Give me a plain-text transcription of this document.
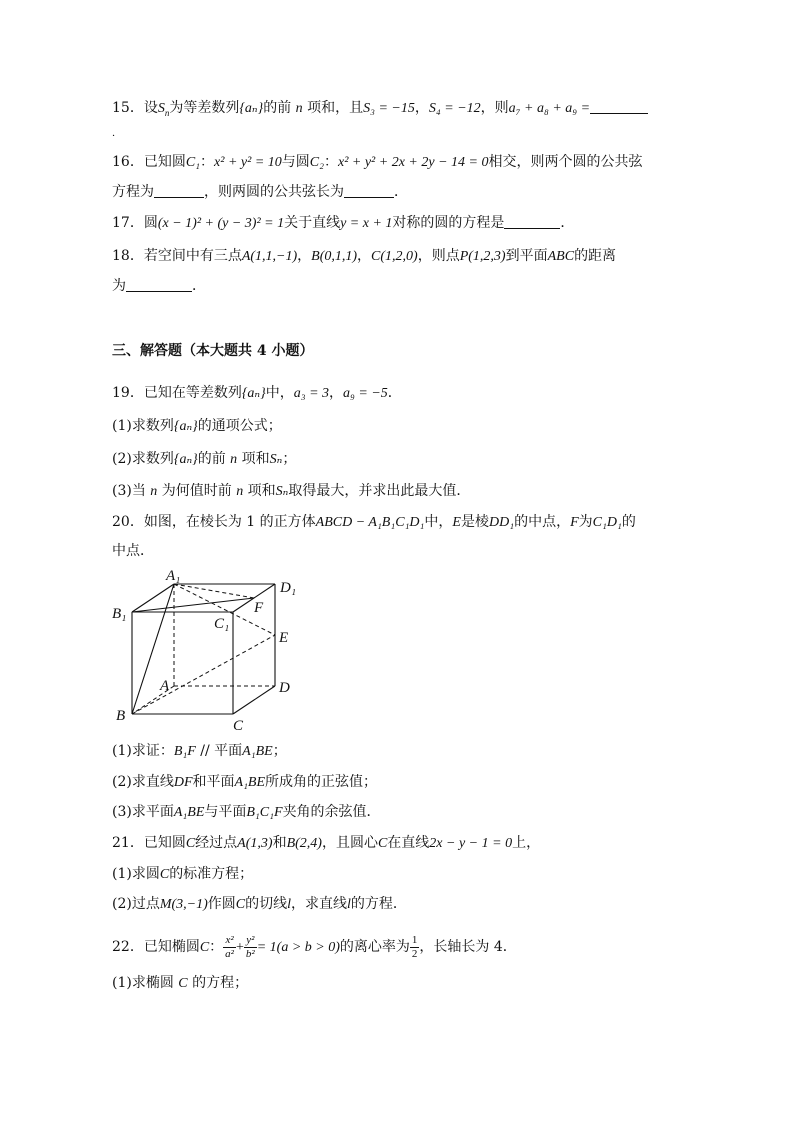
15．设$S_n$为等差数列{aₙ}的前 n 项和，且S₃ = −15，S₄ = −12，则a₇ + a₈ + a₉ =
．
16．已知圆C₁：x² + y² = 10与圆C₂：x² + y² + 2x + 2y − 14 = 0相交，则两个圆的公共弦
方程为	，则两圆的公共弦长为	．
17．圆(x − 1)² + (y − 3)² = 1关于直线y = x + 1对称的圆的方程是	．
18．若空间中有三点A(1,1,−1)，B(0,1,1)，C(1,2,0)，则点P(1,2,3)到平面ABC的距离
为	．
三、解答题（本大题共 4 小题）
19．已知在等差数列{aₙ}中，a₃ = 3，a₉ = −5．
(1)求数列{aₙ}的通项公式；
(2)求数列{aₙ}的前 n 项和Sₙ；
(3)当 n 为何值时前 n 项和Sₙ取得最大，并求出此最大值．
20．如图，在棱长为 1 的正方体ABCD − A₁B₁C₁D₁中，E是棱DD₁的中点，F为C₁D₁的
中点．
A₁
D₁
B₁	F
C₁
E
A	D
B
C
(1)求证：B₁F // 平面A₁BE；
(2)求直线DF和平面A₁BE所成角的正弦值；
(3)求平面A₁BE与平面B₁C₁F夹角的余弦值．
21．已知圆C经过点A(1,3)和B(2,4)，且圆心C在直线2x − y − 1 = 0上，
(1)求圆C的标准方程；
(2)过点M(3,−1)作圆C的切线l，求直线l的方程．
22．已知椭圆C： $\frac{\text{x²}}{\text{a²}} + \frac{\text{y²}}{\text{b²}} = 1(a > b > 0)$的离心率为 $\frac{1}{2}$ ，长轴长为 4．
(1)求椭圆 C 的方程；
